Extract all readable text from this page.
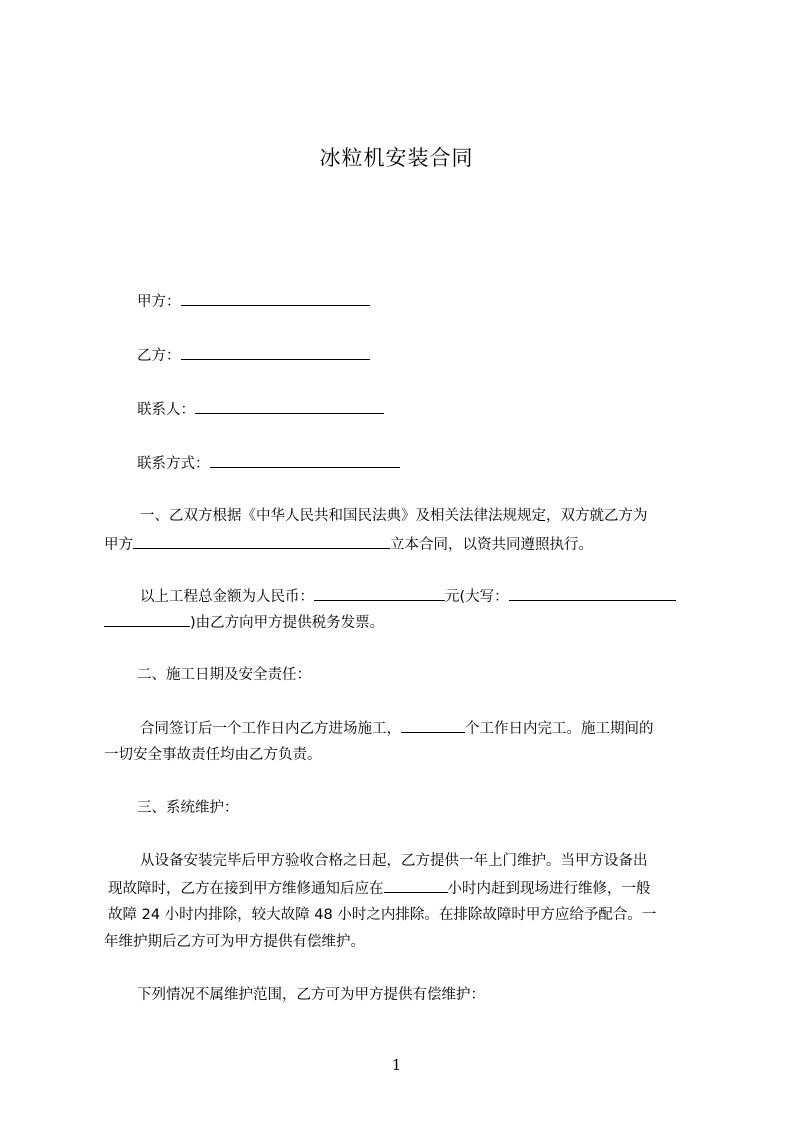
冰粒机安装合同
甲方：
乙方：
联系人：
联系方式：
一、乙双方根据《中华人民共和国民法典》及相关法律法规规定，双方就乙方为
甲方	立本合同，以资共同遵照执行。
以上工程总金额为人民币：	元(大写：
)由乙方向甲方提供税务发票。
二、施工日期及安全责任：
合同签订后一个工作日内乙方进场施工，	个工作日内完工。施工期间的
一切安全事故责任均由乙方负责。
三、系统维护：
从设备安装完毕后甲方验收合格之日起，乙方提供一年上门维护。当甲方设备出
现故障时，乙方在接到甲方维修通知后应在	小时内赶到现场进行维修，一般
故障 24 小时内排除，较大故障 48 小时之内排除。在排除故障时甲方应给予配合。一
年维护期后乙方可为甲方提供有偿维护。
下列情况不属维护范围，乙方可为甲方提供有偿维护：
1
